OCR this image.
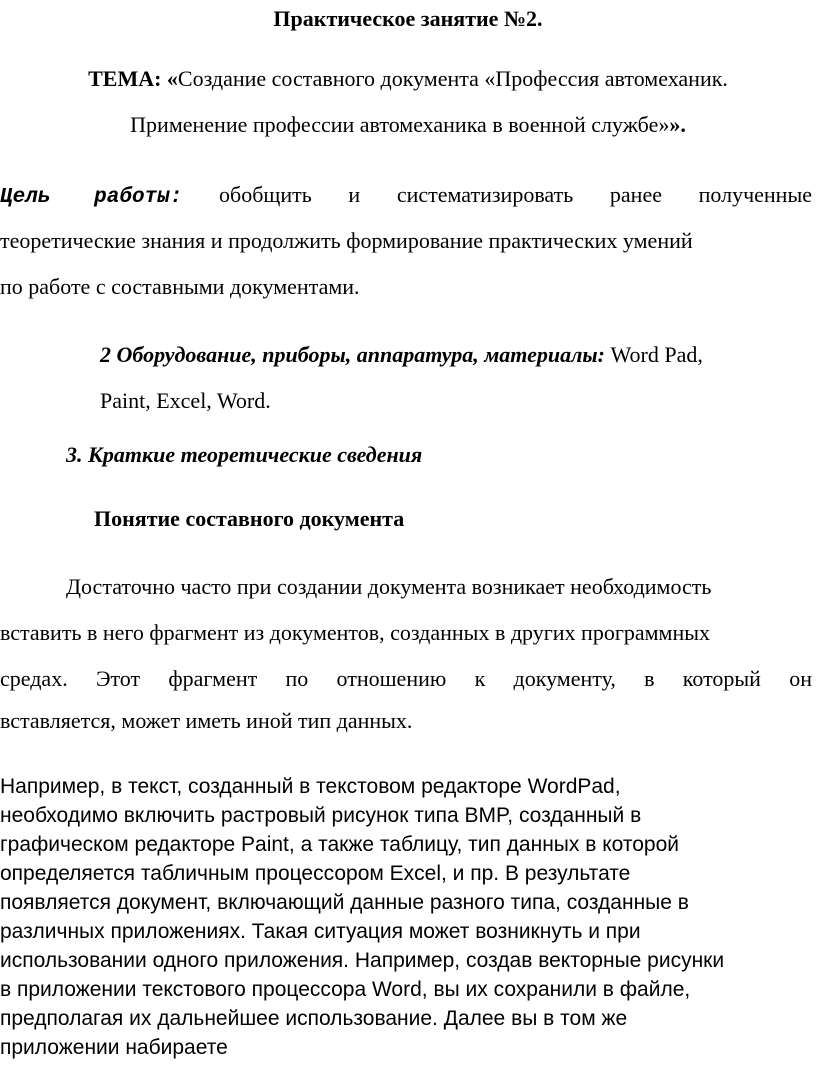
Практическое занятие №2.
ТЕМА: «Создание составного документа «Профессия автомеханик.
Применение профессии автомеханика в военной службе»».
Цель работы: обобщить и систематизировать ранее полученные
теоретические знания и продолжить формирование практических умений
по работе с составными документами.
2 Оборудование, приборы, аппаратура, материалы: Word Pad,
Paint, Excel, Word.
3. Краткие теоретические сведения
Понятие составного документа
Достаточно часто при создании документа возникает необходимость
вставить в него фрагмент из документов, созданных в других программных
средах. Этот фрагмент по отношению к документу, в который он
вставляется, может иметь иной тип данных.
Например, в текст, созданный в текстовом редакторе WordPad,
необходимо включить растровый рисунок типа BMP, созданный в
графическом редакторе Paint, а также таблицу, тип данных в которой
определяется табличным процессором Excel, и пр. В результате
появляется документ, включающий данные разного типа, созданные в
различных приложениях. Такая ситуация может возникнуть и при
использовании одного приложения. Например, создав векторные рисунки
в приложении текстового процессора Word, вы их сохранили в файле,
предполагая их дальнейшее использование. Далее вы в том же
приложении набираете
